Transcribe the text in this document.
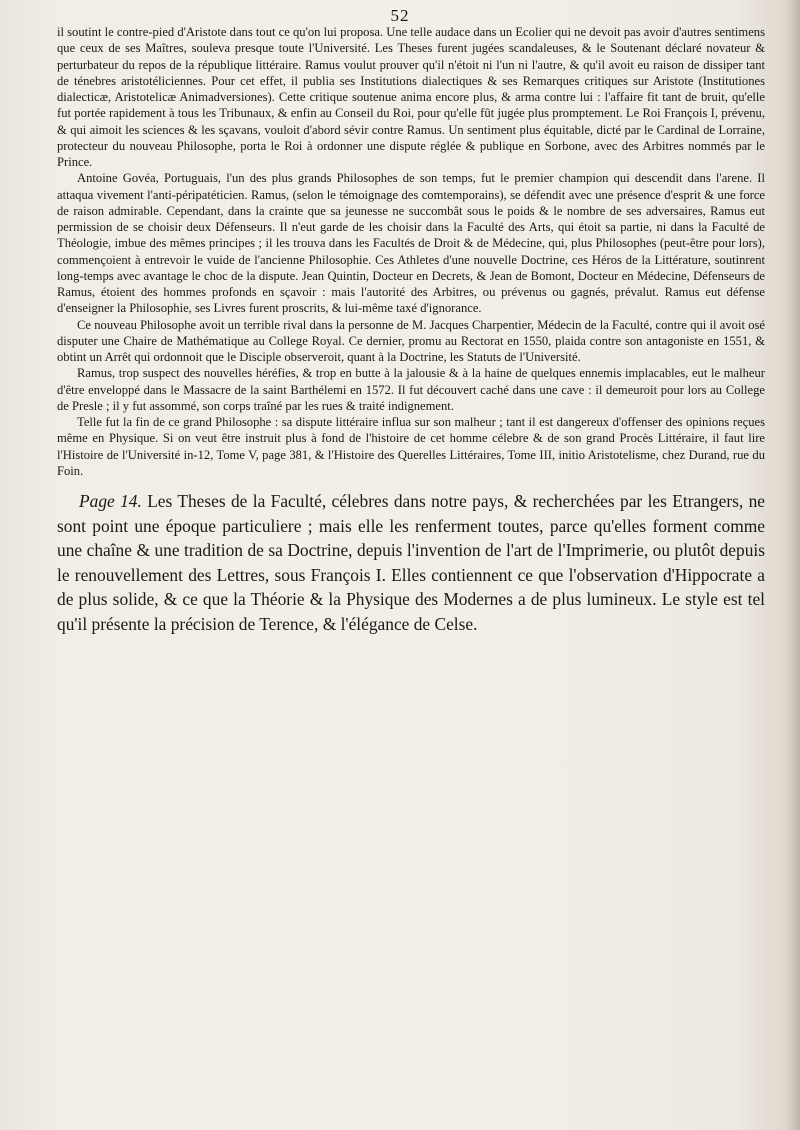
52

il soutint le contre-pied d'Aristote dans tout ce qu'on lui proposa. Une telle audace dans un Ecolier qui ne devoit pas avoir d'autres sentimens que ceux de ses Maîtres, souleva presque toute l'Université. Les Theses furent jugées scandaleuses, & le Soutenant déclaré novateur & perturbateur du repos de la république littéraire. Ramus voulut prouver qu'il n'étoit ni l'un ni l'autre, & qu'il avoit eu raison de dissiper tant de ténebres aristotéliciennes. Pour cet effet, il publia ses Institutions dialectiques & ses Remarques critiques sur Aristote (Institutiones dialecticæ, Aristotelicæ Animadversiones). Cette critique soutenue anima encore plus, & arma contre lui : l'affaire fit tant de bruit, qu'elle fut portée rapidement à tous les Tribunaux, & enfin au Conseil du Roi, pour qu'elle fût jugée plus promptement. Le Roi François I, prévenu, & qui aimoit les sciences & les sçavans, vouloit d'abord sévir contre Ramus. Un sentiment plus équitable, dicté par le Cardinal de Lorraine, protecteur du nouveau Philosophe, porta le Roi à ordonner une dispute réglée & publique en Sorbone, avec des Arbitres nommés par le Prince.

Antoine Govéa, Portuguais, l'un des plus grands Philosophes de son temps, fut le premier champion qui descendit dans l'arene. Il attaqua vivement l'anti-péripatéticien. Ramus, (selon le témoignage des comtemporains), se défendit avec une présence d'esprit & une force de raison admirable. Cependant, dans la crainte que sa jeunesse ne succombât sous le poids & le nombre de ses adversaires, Ramus eut permission de se choisir deux Défenseurs. Il n'eut garde de les choisir dans la Faculté des Arts, qui étoit sa partie, ni dans la Faculté de Théologie, imbue des mêmes principes ; il les trouva dans les Facultés de Droit & de Médecine, qui, plus Philosophes (peut-être pour lors), commençoient à entrevoir le vuide de l'ancienne Philosophie. Ces Athletes d'une nouvelle Doctrine, ces Héros de la Littérature, soutinrent long-temps avec avantage le choc de la dispute. Jean Quintin, Docteur en Decrets, & Jean de Bomont, Docteur en Médecine, Défenseurs de Ramus, étoient des hommes profonds en sçavoir : mais l'autorité des Arbitres, ou prévenus ou gagnés, prévalut. Ramus eut défense d'enseigner la Philosophie, ses Livres furent proscrits, & lui-même taxé d'ignorance.

Ce nouveau Philosophe avoit un terrible rival dans la personne de M. Jacques Charpentier, Médecin de la Faculté, contre qui il avoit osé disputer une Chaire de Mathématique au College Royal. Ce dernier, promu au Rectorat en 1550, plaida contre son antagoniste en 1551, & obtint un Arrêt qui ordonnoit que le Disciple observeroit, quant à la Doctrine, les Statuts de l'Université.

Ramus, trop suspect des nouvelles héréfies, & trop en butte à la jalousie & à la haine de quelques ennemis implacables, eut le malheur d'être enveloppé dans le Massacre de la saint Barthélemi en 1572. Il fut découvert caché dans une cave : il demeuroit pour lors au College de Presle ; il y fut assommé, son corps traîné par les rues & traité indignement.

Telle fut la fin de ce grand Philosophe : sa dispute littéraire influa sur son malheur ; tant il est dangereux d'offenser des opinions reçues même en Physique. Si on veut être instruit plus à fond de l'histoire de cet homme célebre & de son grand Procès Littéraire, il faut lire l'Histoire de l'Université in-12, Tome V, page 381, & l'Histoire des Querelles Littéraires, Tome III, initio Aristotelisme, chez Durand, rue du Foin.

Page 14. Les Theses de la Faculté, célebres dans notre pays, & recherchées par les Etrangers, ne sont point une époque particuliere ; mais elle les renferment toutes, parce qu'elles forment comme une chaîne & une tradition de sa Doctrine, depuis l'invention de l'art de l'Imprimerie, ou plutôt depuis le renouvellement des Lettres, sous François I. Elles contiennent ce que l'observation d'Hippocrate a de plus solide, & ce que la Théorie & la Physique des Modernes a de plus lumineux. Le style est tel qu'il présente la précision de Terence, & l'élégance de Celse.
